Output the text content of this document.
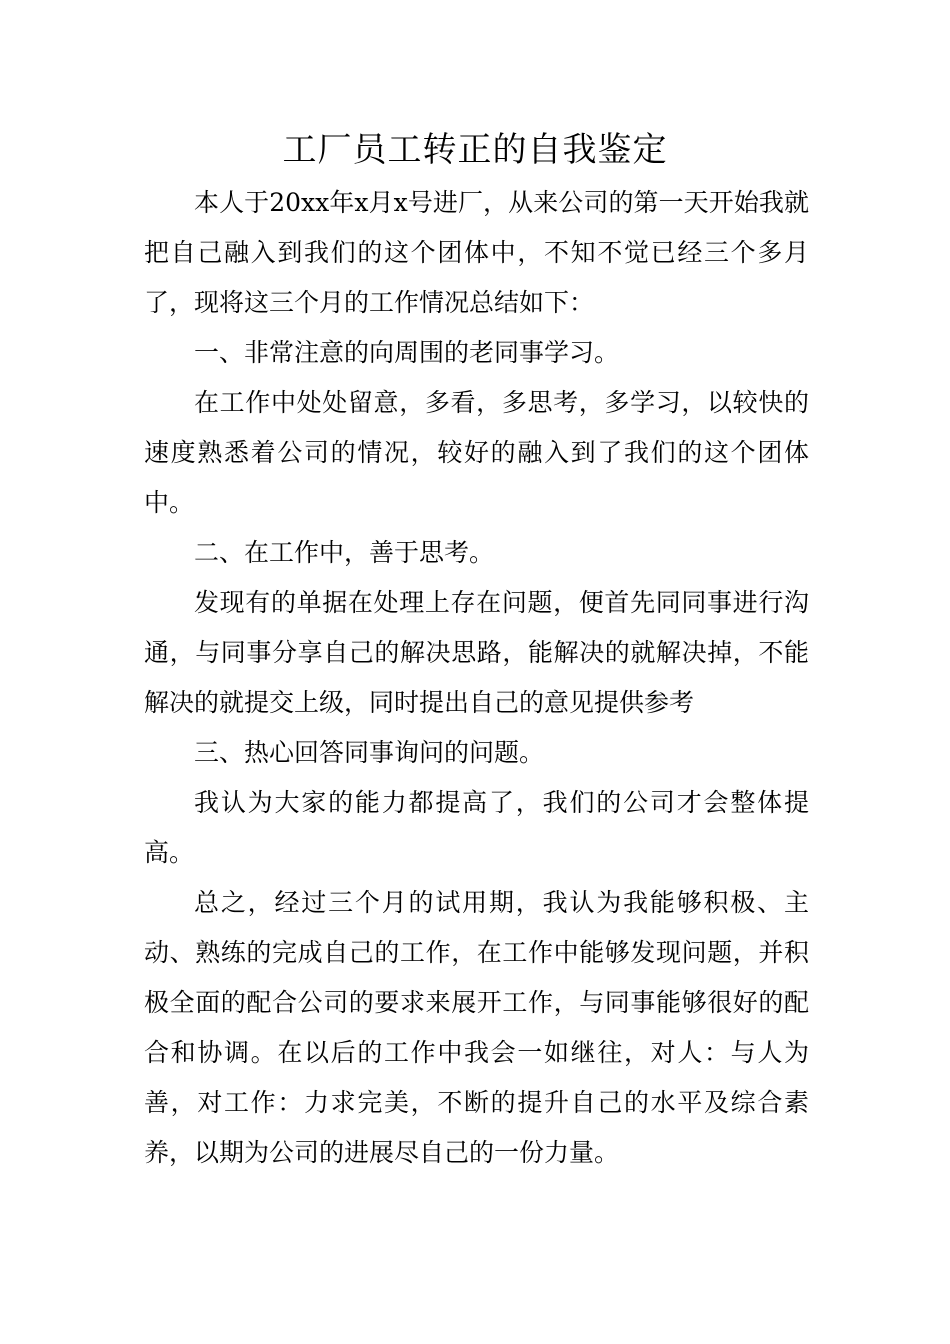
工厂员工转正的自我鉴定

本人于20xx年x月x号进厂，从来公司的第一天开始我就把自己融入到我们的这个团体中，不知不觉已经三个多月了，现将这三个月的工作情况总结如下：

一、非常注意的向周围的老同事学习。

在工作中处处留意，多看，多思考，多学习，以较快的速度熟悉着公司的情况，较好的融入到了我们的这个团体中。

二、在工作中，善于思考。

发现有的单据在处理上存在问题，便首先同同事进行沟通，与同事分享自己的解决思路，能解决的就解决掉，不能解决的就提交上级，同时提出自己的意见提供参考

三、热心回答同事询问的问题。

我认为大家的能力都提高了，我们的公司才会整体提高。

总之，经过三个月的试用期，我认为我能够积极、主动、熟练的完成自己的工作，在工作中能够发现问题，并积极全面的配合公司的要求来展开工作，与同事能够很好的配合和协调。在以后的工作中我会一如继往，对人：与人为善，对工作：力求完美，不断的提升自己的水平及综合素养，以期为公司的进展尽自己的一份力量。
